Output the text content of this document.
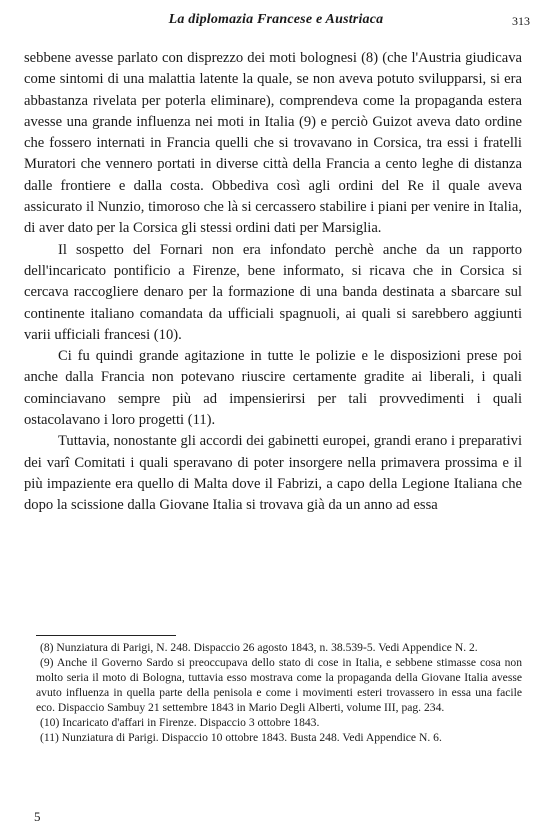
La diplomazia Francese e Austriaca	313

sebbene avesse parlato con disprezzo dei moti bolognesi (8) (che l'Austria giudicava come sintomi di una malattia latente la quale, se non aveva potuto svilupparsi, si era abbastanza rivelata per poterla eliminare), comprendeva come la propaganda estera avesse una grande influenza nei moti in Italia (9) e perciò Guizot aveva dato ordine che fossero internati in Francia quelli che si trovavano in Corsica, tra essi i fratelli Muratori che vennero portati in diverse città della Francia a cento leghe di distanza dalle frontiere e dalla costa. Obbediva così agli ordini del Re il quale aveva assicurato il Nunzio, timoroso che là si cercassero stabilire i piani per venire in Italia, di aver dato per la Corsica gli stessi ordini dati per Marsiglia.

Il sospetto del Fornari non era infondato perchè anche da un rapporto dell'incaricato pontificio a Firenze, bene informato, si ricava che in Corsica si cercava raccogliere denaro per la formazione di una banda destinata a sbarcare sul continente italiano comandata da ufficiali spagnuoli, ai quali si sarebbero aggiunti varii ufficiali francesi (10).

Ci fu quindi grande agitazione in tutte le polizie e le disposizioni prese poi anche dalla Francia non potevano riuscire certamente gradite ai liberali, i quali cominciavano sempre più ad impensierirsi per tali provvedimenti i quali ostacolavano i loro progetti (11).

Tuttavia, nonostante gli accordi dei gabinetti europei, grandi erano i preparativi dei varî Comitati i quali speravano di poter insorgere nella primavera prossima e il più impaziente era quello di Malta dove il Fabrizi, a capo della Legione Italiana che dopo la scissione dalla Giovane Italia si trovava già da un anno ad essa

(8) Nunziatura di Parigi, N. 248. Dispaccio 26 agosto 1843, n. 38.539-5. Vedi Appendice N. 2.

(9) Anche il Governo Sardo si preoccupava dello stato di cose in Italia, e sebbene stimasse cosa non molto seria il moto di Bologna, tuttavia esso mostrava come la propaganda della Giovane Italia avesse avuto influenza in quella parte della penisola e come i movimenti esteri trovassero in essa una facile eco. Dispaccio Sambuy 21 settembre 1843 in Mario Degli Alberti, volume III, pag. 234.

(10) Incaricato d'affari in Firenze. Dispaccio 3 ottobre 1843.

(11) Nunziatura di Parigi. Dispaccio 10 ottobre 1843. Busta 248. Vedi Appendice N. 6.

5
